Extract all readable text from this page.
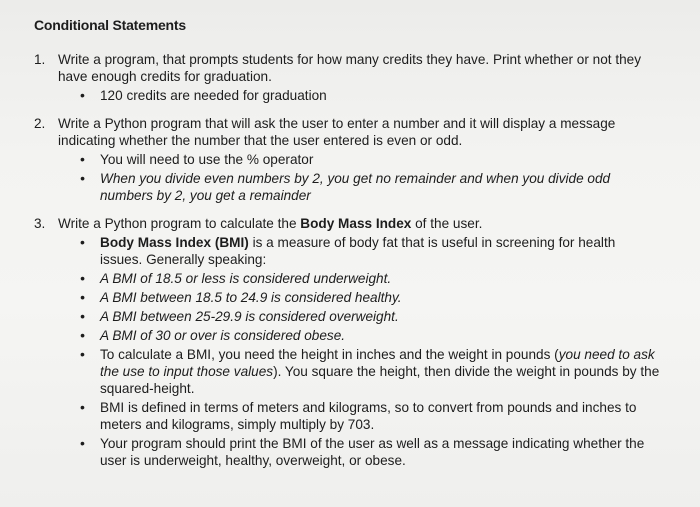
Conditional Statements
1. Write a program, that prompts students for how many credits they have. Print whether or not they have enough credits for graduation.
• 120 credits are needed for graduation
2. Write a Python program that will ask the user to enter a number and it will display a message indicating whether the number that the user entered is even or odd.
• You will need to use the % operator
• When you divide even numbers by 2, you get no remainder and when you divide odd numbers by 2, you get a remainder
3. Write a Python program to calculate the Body Mass Index of the user.
• Body Mass Index (BMI) is a measure of body fat that is useful in screening for health issues. Generally speaking:
• A BMI of 18.5 or less is considered underweight.
• A BMI between 18.5 to 24.9 is considered healthy.
• A BMI between 25-29.9 is considered overweight.
• A BMI of 30 or over is considered obese.
• To calculate a BMI, you need the height in inches and the weight in pounds (you need to ask the use to input those values). You square the height, then divide the weight in pounds by the squared-height.
• BMI is defined in terms of meters and kilograms, so to convert from pounds and inches to meters and kilograms, simply multiply by 703.
• Your program should print the BMI of the user as well as a message indicating whether the user is underweight, healthy, overweight, or obese.
